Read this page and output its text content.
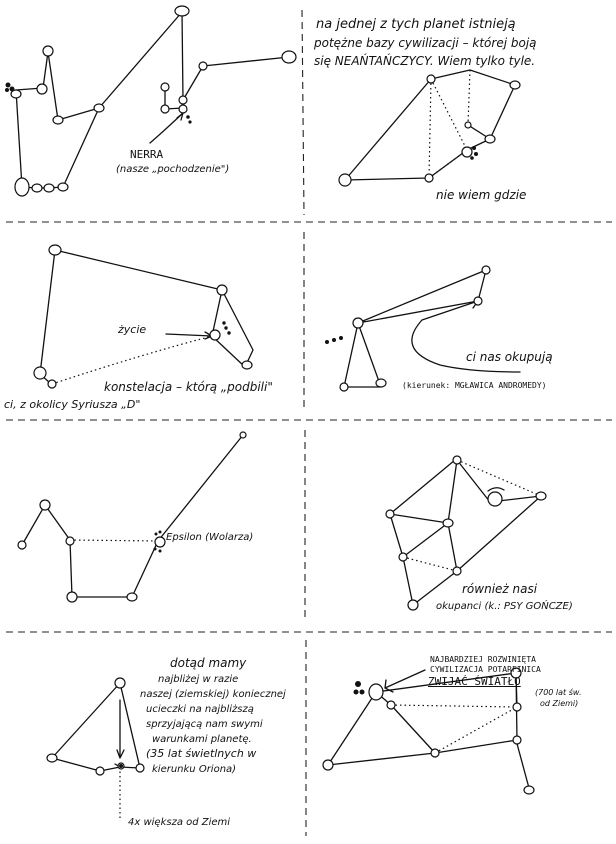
NERRA
(nasze „pochodzenie")
na jednej z tych planet istnieją
potężne bazy cywilizacji – której boją
się NEAŃTAŃCZYCY. Wiem tylko tyle.
nie wiem gdzie
życie
konstelacja – którą „podbili"
ci, z okolicy Syriusza „D"
ci nas okupują
(kierunek: MGŁAWICA ANDROMEDY)
Epsilon (Wolarza)
również nasi
okupanci (k.: PSY GOŃCZE)
dotąd mamy
najbliżej w razie
naszej (ziemskiej) koniecznej
ucieczki na najbliższą
sprzyjającą nam swymi
warunkami planetę.
(35 lat świetlnych w
kierunku Oriona)
4x większa od Ziemi
NAJBARDZIEJ ROZWINIĘTA
CYWILIZACJA POTARFINICA
ZWIJAĆ ŚWIATŁO
(700 lat św.
od Ziemi)
